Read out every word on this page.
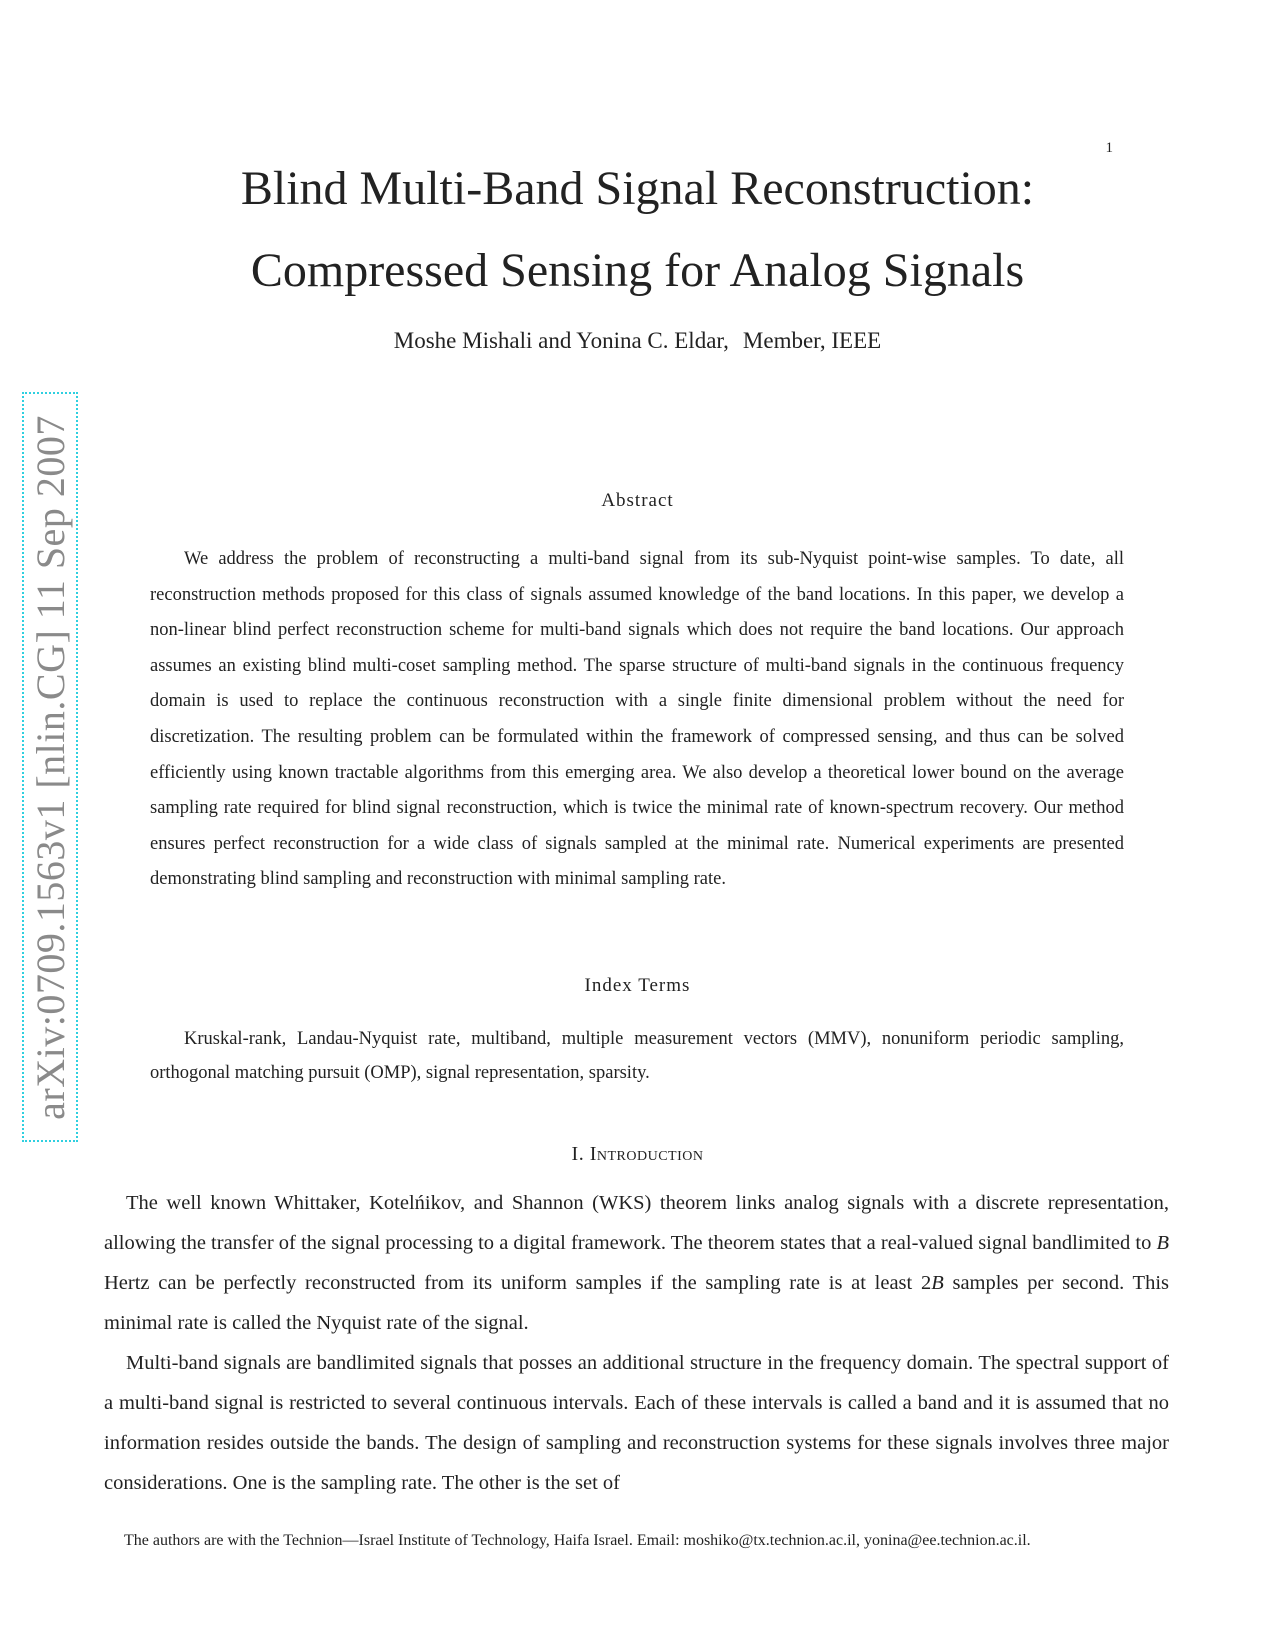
1
arXiv:0709.1563v1 [nlin.CG] 11 Sep 2007
Blind Multi-Band Signal Reconstruction:
Compressed Sensing for Analog Signals
Moshe Mishali and Yonina C. Eldar, Member, IEEE
Abstract

We address the problem of reconstructing a multi-band signal from its sub-Nyquist point-wise samples. To date, all reconstruction methods proposed for this class of signals assumed knowledge of the band locations. In this paper, we develop a non-linear blind perfect reconstruction scheme for multi-band signals which does not require the band locations. Our approach assumes an existing blind multi-coset sampling method. The sparse structure of multi-band signals in the continuous frequency domain is used to replace the continuous reconstruction with a single finite dimensional problem without the need for discretization. The resulting problem can be formulated within the framework of compressed sensing, and thus can be solved efficiently using known tractable algorithms from this emerging area. We also develop a theoretical lower bound on the average sampling rate required for blind signal reconstruction, which is twice the minimal rate of known-spectrum recovery. Our method ensures perfect reconstruction for a wide class of signals sampled at the minimal rate. Numerical experiments are presented demonstrating blind sampling and reconstruction with minimal sampling rate.

Index Terms

Kruskal-rank, Landau-Nyquist rate, multiband, multiple measurement vectors (MMV), nonuniform periodic sampling, orthogonal matching pursuit (OMP), signal representation, sparsity.

I. Introduction

The well known Whittaker, Kotelńikov, and Shannon (WKS) theorem links analog signals with a discrete representation, allowing the transfer of the signal processing to a digital framework. The theorem states that a real-valued signal bandlimited to B Hertz can be perfectly reconstructed from its uniform samples if the sampling rate is at least 2B samples per second. This minimal rate is called the Nyquist rate of the signal.

Multi-band signals are bandlimited signals that posses an additional structure in the frequency domain. The spectral support of a multi-band signal is restricted to several continuous intervals. Each of these intervals is called a band and it is assumed that no information resides outside the bands. The design of sampling and reconstruction systems for these signals involves three major considerations. One is the sampling rate. The other is the set of

The authors are with the Technion—Israel Institute of Technology, Haifa Israel. Email: moshiko@tx.technion.ac.il, yonina@ee.technion.ac.il.
